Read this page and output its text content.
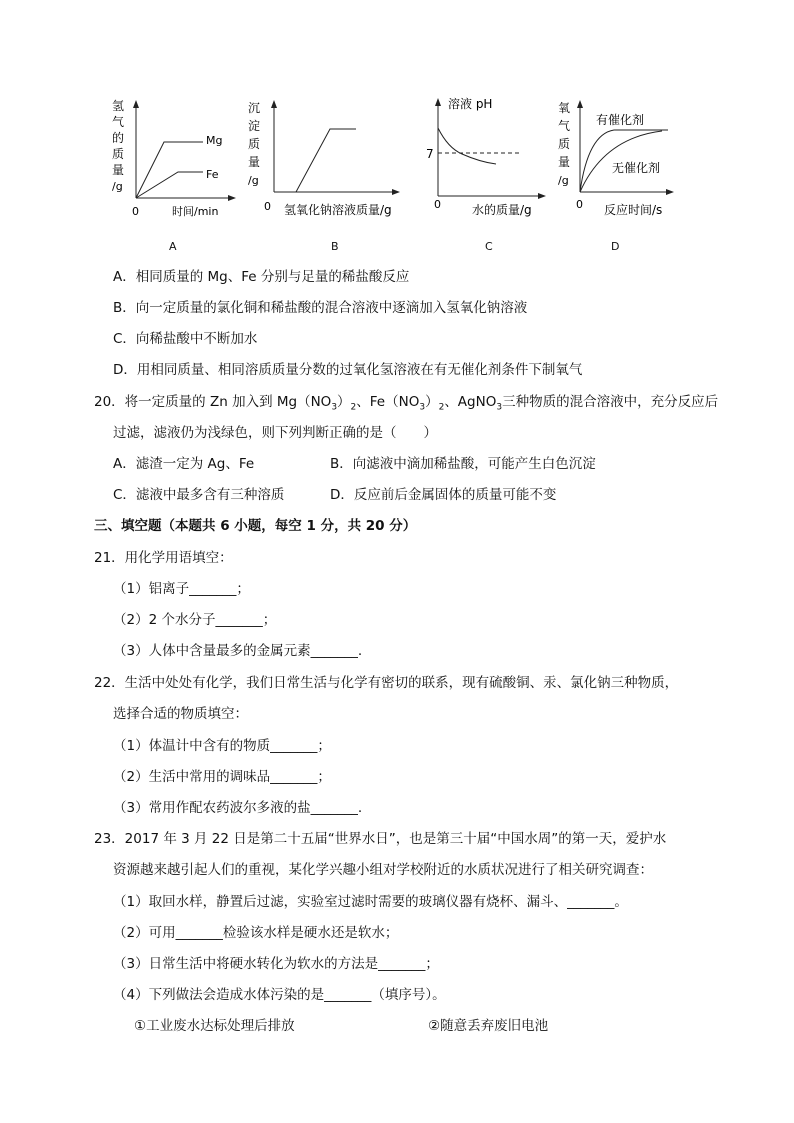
氢
气
的
质
量
/g
Mg
Fe
0	时间/min
A
沉
淀
质
量
/g
0 氢氧化钠溶液质量/g
B
溶液 pH
7
0	水的质量/g
C
氧
气
质
量
/g
有催化剂
无催化剂
0 反应时间/s
D
A．相同质量的 Mg、Fe 分别与足量的稀盐酸反应
B．向一定质量的氯化铜和稀盐酸的混合溶液中逐滴加入氢氧化钠溶液
C．向稀盐酸中不断加水
D．用相同质量、相同溶质质量分数的过氧化氢溶液在有无催化剂条件下制氧气
20．将一定质量的 Zn 加入到 $Mg(NO_3)_2$、$Fe(NO_3)_2$、AgNO$_3$三种物质的混合溶液中，充分反应后
过滤，滤液仍为浅绿色，则下列判断正确的是（　　）
A．滤渣一定为 Ag、Fe	B．向滤液中滴加稀盐酸，可能产生白色沉淀
C．滤液中最多含有三种溶质	D．反应前后金属固体的质量可能不变
三、填空题（本题共 6 小题，每空 1 分，共 20 分）
21．用化学用语填空：
（1）铝离子_______；
（2）2 个水分子_______；
（3）人体中含量最多的金属元素_______.
22．生活中处处有化学，我们日常生活与化学有密切的联系，现有硫酸铜、汞、氯化钠三种物质，
选择合适的物质填空：
（1）体温计中含有的物质_______；
（2）生活中常用的调味品_______；
（3）常用作配农药波尔多液的盐_______.
23．2017 年 3 月 22 日是第二十五届“世界水日”，也是第三十届“中国水周”的第一天，爱护水
资源越来越引起人们的重视，某化学兴趣小组对学校附近的水质状况进行了相关研究调查：
（1）取回水样，静置后过滤，实验室过滤时需要的玻璃仪器有烧杯、漏斗、_______。
（2）可用_______检验该水样是硬水还是软水；
（3）日常生活中将硬水转化为软水的方法是_______；
（4）下列做法会造成水体污染的是_______（填序号）。
①工业废水达标处理后排放	②随意丢弃废旧电池
